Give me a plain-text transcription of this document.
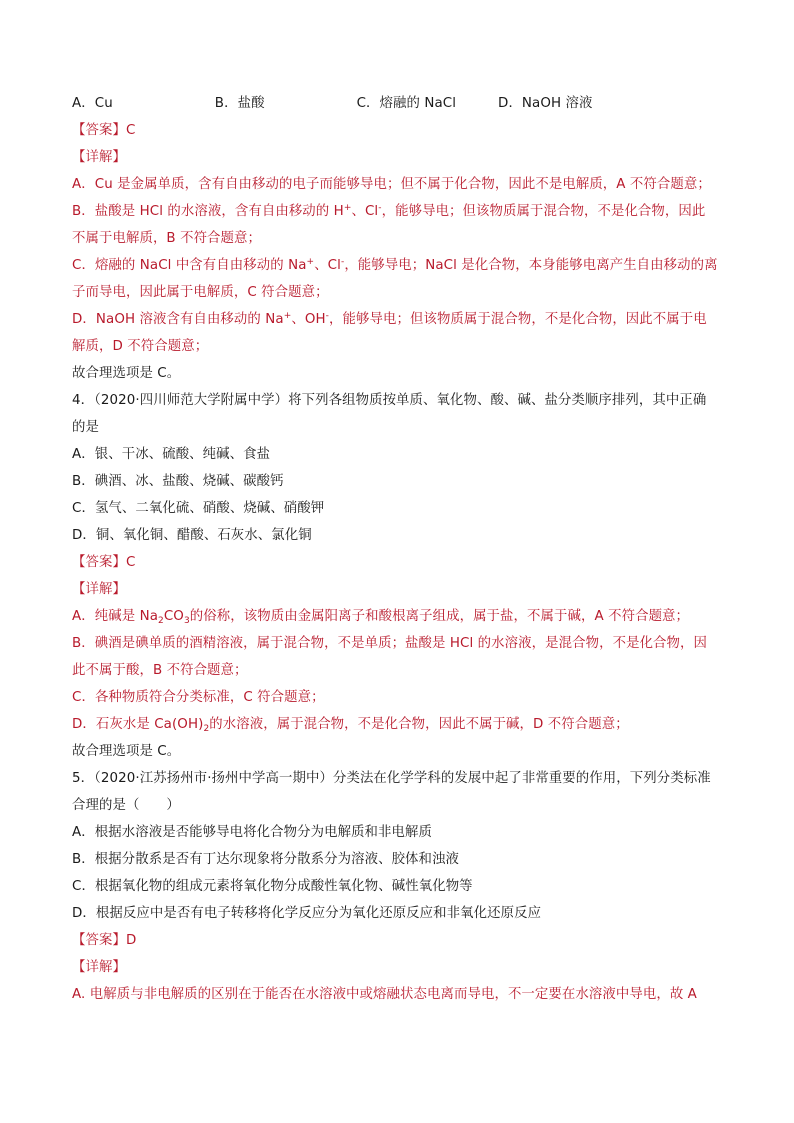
A．Cu	B．盐酸	C．熔融的 NaCl	D．NaOH 溶液
【答案】C
【详解】
A．Cu 是金属单质，含有自由移动的电子而能够导电；但不属于化合物，因此不是电解质，A 不符合题意；
B．盐酸是 HCl 的水溶液，含有自由移动的 H+、Cl-，能够导电；但该物质属于混合物，不是化合物，因此
不属于电解质，B 不符合题意；
C．熔融的 NaCl 中含有自由移动的 Na+、Cl-，能够导电；NaCl 是化合物，本身能够电离产生自由移动的离
子而导电，因此属于电解质，C 符合题意；
D．NaOH 溶液含有自由移动的 Na+、OH-，能够导电；但该物质属于混合物，不是化合物，因此不属于电
解质，D 不符合题意；
故合理选项是 C。
4．（2020·四川师范大学附属中学）将下列各组物质按单质、氧化物、酸、碱、盐分类顺序排列，其中正确
的是
A．银、干冰、硫酸、纯碱、食盐
B．碘酒、冰、盐酸、烧碱、碳酸钙
C．氢气、二氧化硫、硝酸、烧碱、硝酸钾
D．铜、氧化铜、醋酸、石灰水、氯化铜
【答案】C
【详解】
A．纯碱是 $Na_2CO_3$的俗称，该物质由金属阳离子和酸根离子组成，属于盐，不属于碱，A 不符合题意；
B．碘酒是碘单质的酒精溶液，属于混合物，不是单质；盐酸是 HCl 的水溶液，是混合物，不是化合物，因
此不属于酸，B 不符合题意；
C．各种物质符合分类标准，C 符合题意；
D．石灰水是 $Ca(OH)_2$的水溶液，属于混合物，不是化合物，因此不属于碱，D 不符合题意；
故合理选项是 C。
5．（2020·江苏扬州市·扬州中学高一期中）分类法在化学学科的发展中起了非常重要的作用，下列分类标准
合理的是（　　）
A．根据水溶液是否能够导电将化合物分为电解质和非电解质
B．根据分散系是否有丁达尔现象将分散系分为溶液、胶体和浊液
C．根据氧化物的组成元素将氧化物分成酸性氧化物、碱性氧化物等
D．根据反应中是否有电子转移将化学反应分为氧化还原反应和非氧化还原反应
【答案】D
【详解】
A. 电解质与非电解质的区别在于能否在水溶液中或熔融状态电离而导电，不一定要在水溶液中导电，故 A
